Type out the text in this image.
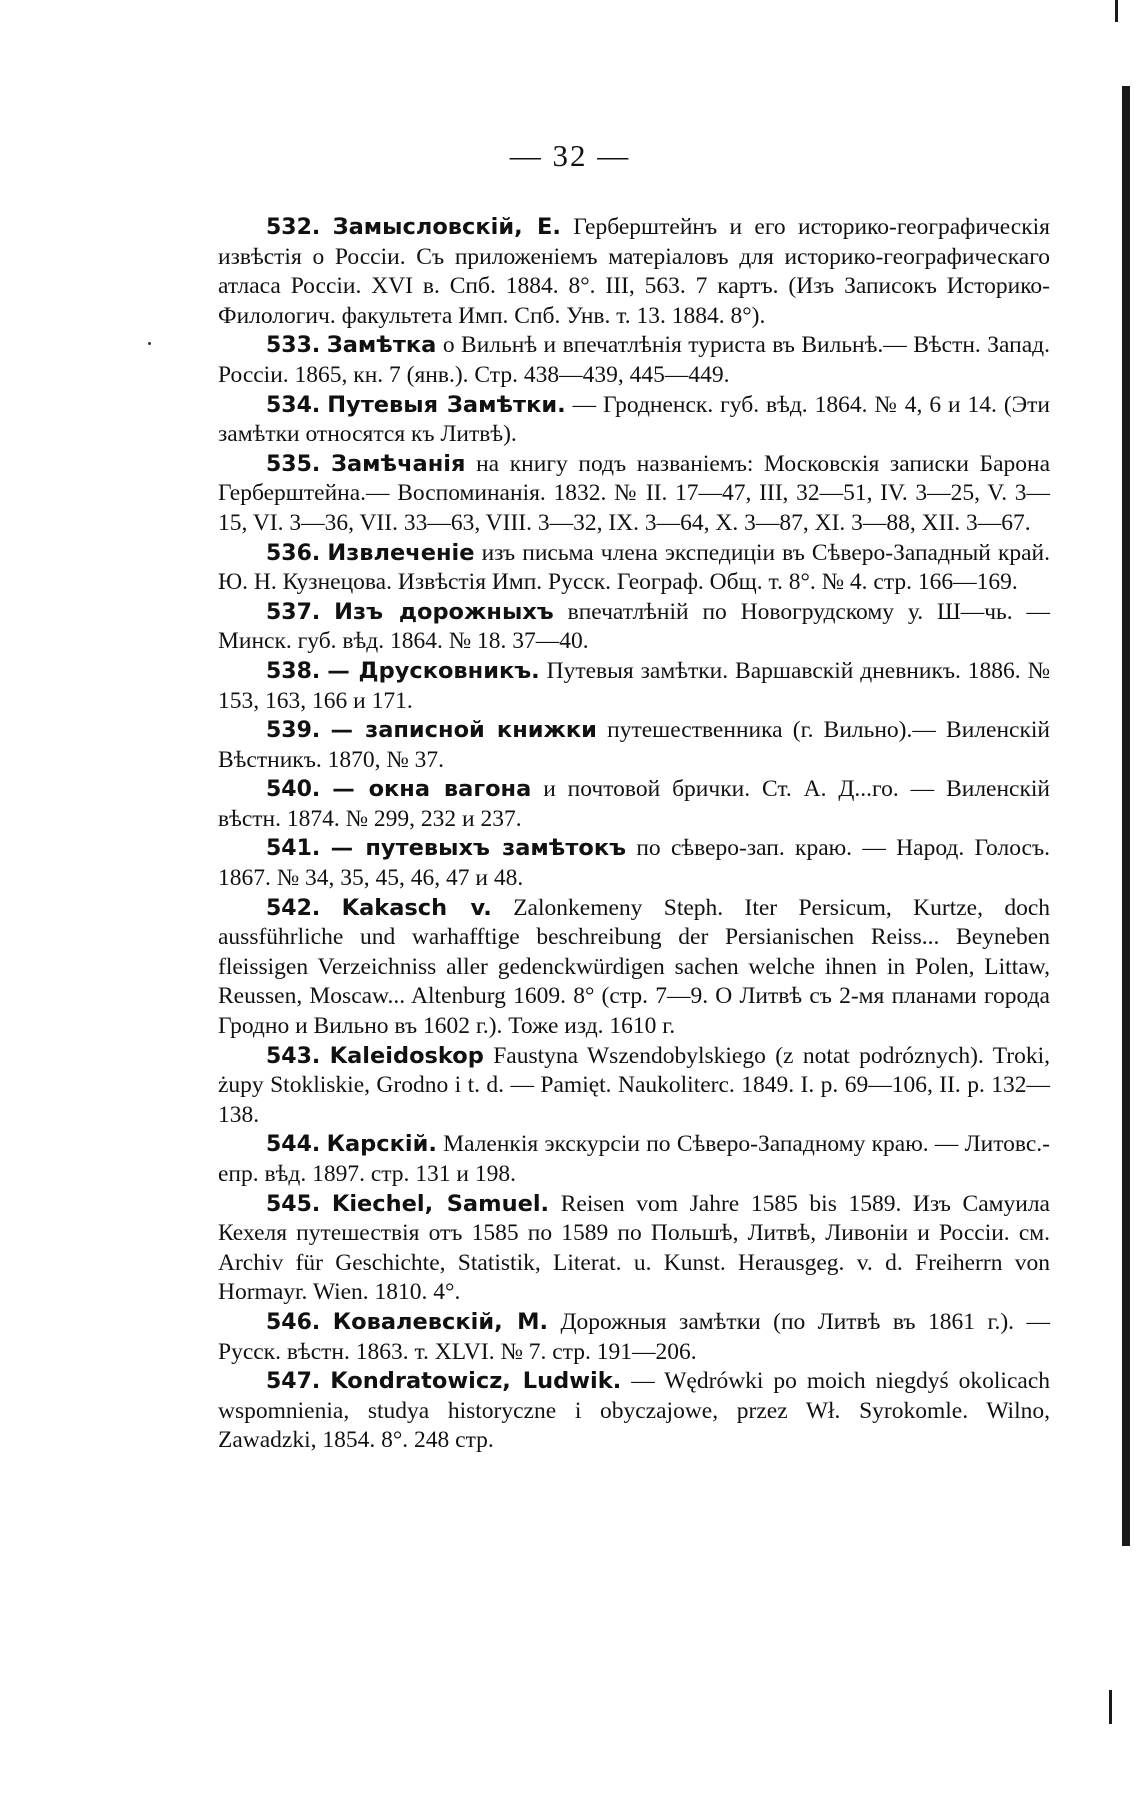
— 32 —

532. Замысловскій, Е. Герберштейнъ и его историко-географическія извѣстія о Россіи. Съ приложеніемъ матеріаловъ для историко-географическаго атласа Россіи. XVI в. Спб. 1884. 8°. III, 563. 7 картъ. (Изъ Записокъ Историко-Филологич. факультета Имп. Спб. Унв. т. 13. 1884. 8°).

533. Замѣтка о Вильнѣ и впечатлѣнія туриста въ Вильнѣ.— Вѣстн. Запад. Россіи. 1865, кн. 7 (янв.). Стр. 438—439, 445—449.

534. Путевыя Замѣтки. — Гродненск. губ. вѣд. 1864. № 4, 6 и 14. (Эти замѣтки относятся къ Литвѣ).

535. Замѣчанія на книгу подъ названіемъ: Московскія записки Барона Герберштейна.— Воспоминанія. 1832. № II. 17—47, III, 32—51, IV. 3—25, V. 3—15, VI. 3—36, VII. 33—63, VIII. 3—32, IX. 3—64, X. 3—87, XI. 3—88, XII. 3—67.

536. Извлеченіе изъ письма члена экспедиціи въ Сѣверо-Западный край. Ю. Н. Кузнецова. Извѣстія Имп. Русск. Географ. Общ. т. 8°. № 4. стр. 166—169.

537. Изъ дорожныхъ впечатлѣній по Новогрудскому у. Ш—чь. — Минск. губ. вѣд. 1864. № 18. 37—40.

538. — Друсковникъ. Путевыя замѣтки. Варшавскій дневникъ. 1886. № 153, 163, 166 и 171.

539. — записной книжки путешественника (г. Вильно).— Виленскій Вѣстникъ. 1870, № 37.

540. — окна вагона и почтовой брички. Ст. А. Д...го. — Виленскій вѣстн. 1874. № 299, 232 и 237.

541. — путевыхъ замѣтокъ по сѣверо-зап. краю. — Народ. Голосъ. 1867. № 34, 35, 45, 46, 47 и 48.

542. Kakasch v. Zalonkemeny Steph. Iter Persicum, Kurtze, doch aussführliche und warhafftige beschreibung der Persianischen Reiss... Beyneben fleissigen Verzeichniss aller gedenckwürdigen sachen welche ihnen in Polen, Littaw, Reussen, Moscaw... Altenburg 1609. 8° (стр. 7—9. О Литвѣ съ 2-мя планами города Гродно и Вильно въ 1602 г.). Тоже изд. 1610 г.

543. Kaleidoskop Faustyna Wszendobylskiego (z notat podróznych). Troki, żupy Stokliskie, Grodno i t. d. — Pamięt. Naukoliterc. 1849. I. p. 69—106, II. p. 132—138.

544. Карскій. Маленкія экскурсіи по Сѣверо-Западному краю. — Литовс.-епр. вѣд. 1897. стр. 131 и 198.

545. Kiechel, Samuel. Reisen vom Jahre 1585 bis 1589. Изъ Самуила Кехеля путешествія отъ 1585 по 1589 по Польшѣ, Литвѣ, Ливоніи и Россіи. см. Archiv für Geschichte, Statistik, Literat. u. Kunst. Herausgeg. v. d. Freiherrn von Hormayr. Wien. 1810. 4°.

546. Ковалевскій, М. Дорожныя замѣтки (по Литвѣ въ 1861 г.). — Русск. вѣстн. 1863. т. XLVI. № 7. стр. 191—206.

547. Kondratowicz, Ludwik. — Wędrówki po moich niegdyś okolicach wspomnienia, studya historyczne i obyczajowe, przez Wł. Syrokomle. Wilno, Zawadzki, 1854. 8°. 248 стр.
